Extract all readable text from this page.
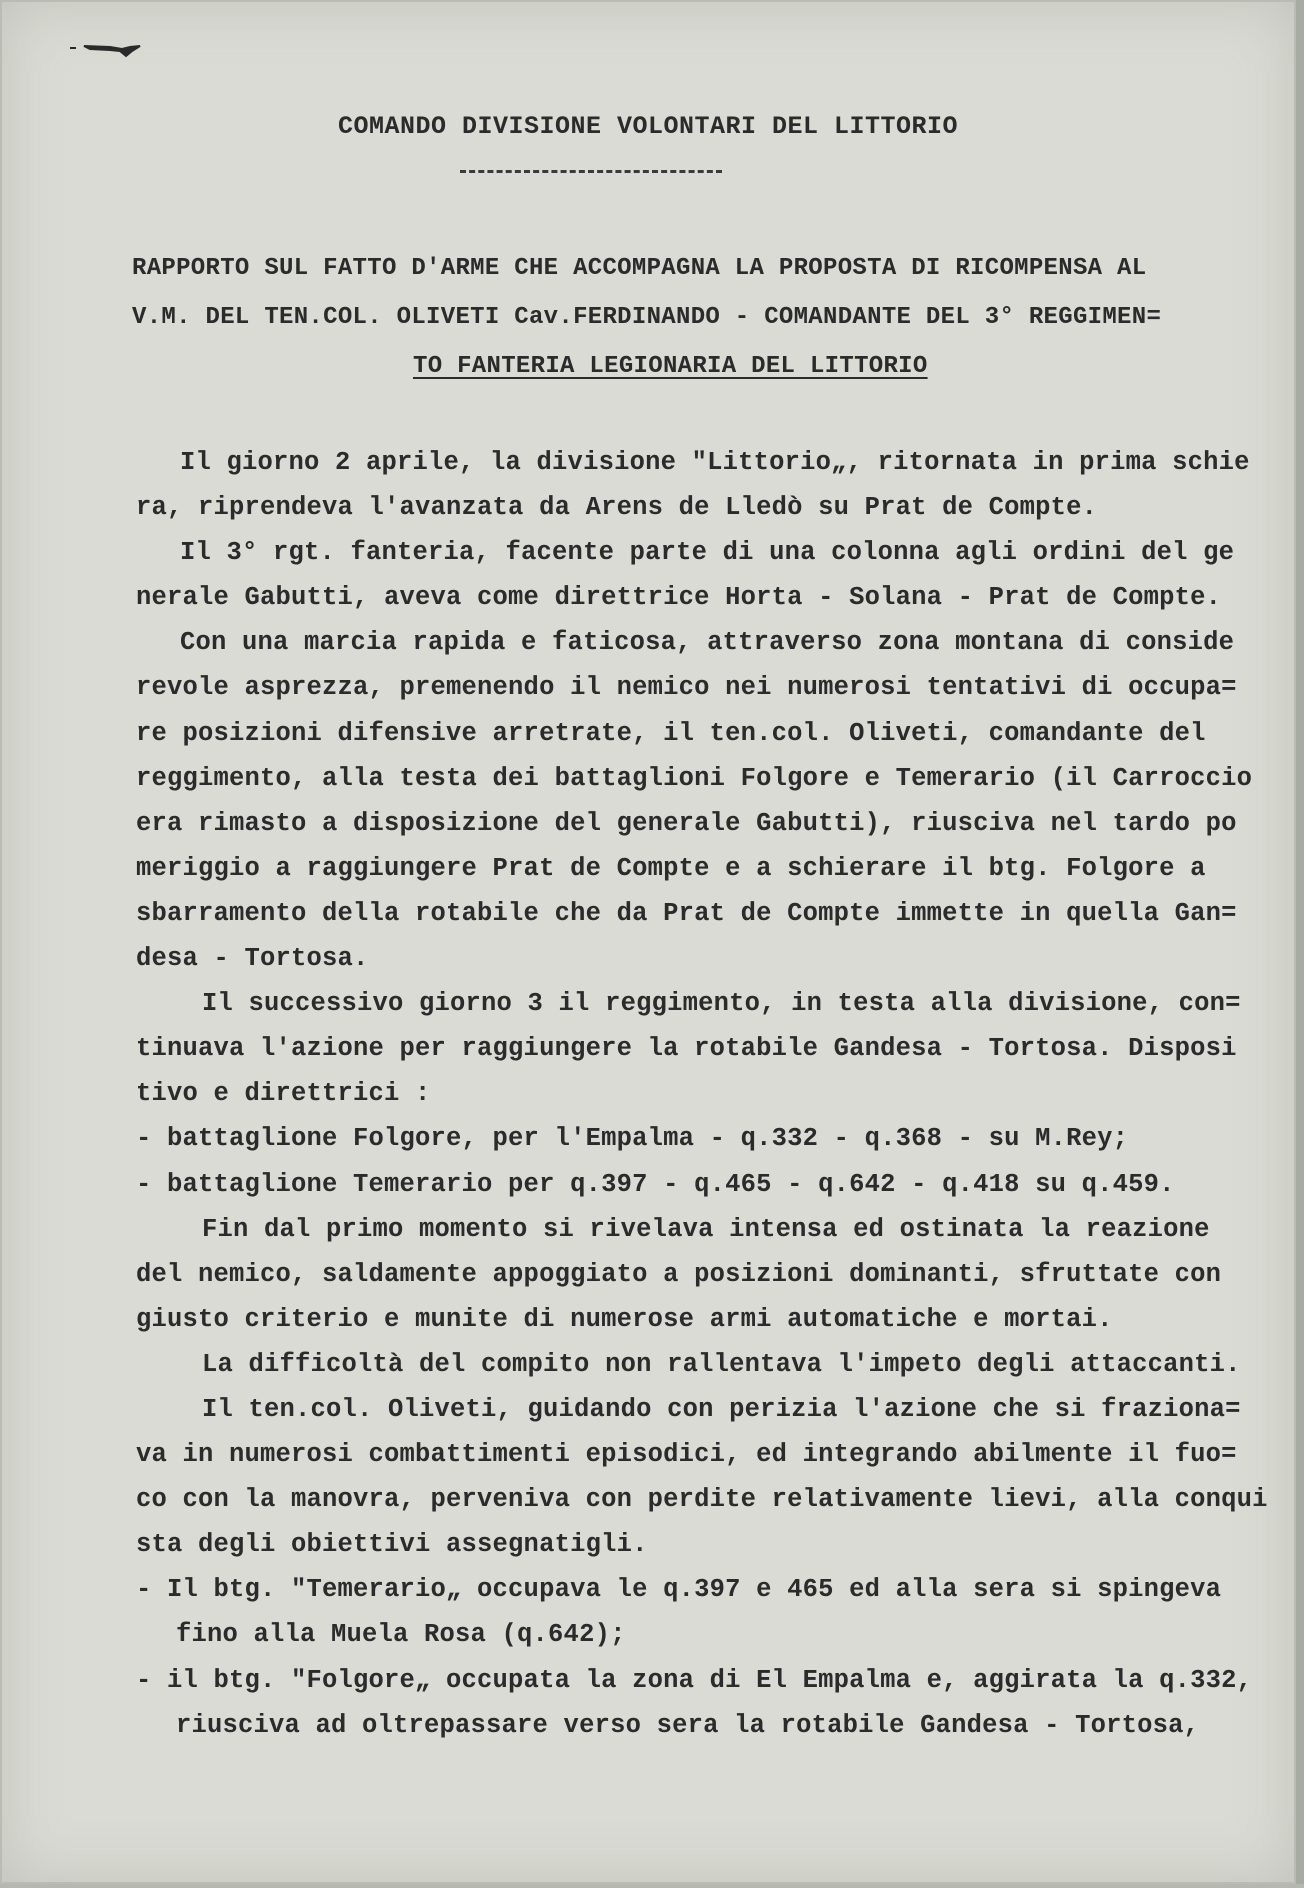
COMANDO DIVISIONE VOLONTARI DEL LITTORIO
RAPPORTO SUL FATTO D'ARME CHE ACCOMPAGNA LA PROPOSTA DI RICOMPENSA AL
V.M. DEL TEN.COL. OLIVETI Cav.FERDINANDO - COMANDANTE DEL 3° REGGIMEN=
TO FANTERIA LEGIONARIA DEL LITTORIO
Il giorno 2 aprile, la divisione "Littorio„, ritornata in prima schie
ra, riprendeva l'avanzata da Arens de Lledò su Prat de Compte.
Il 3° rgt. fanteria, facente parte di una colonna agli ordini del ge
nerale Gabutti, aveva come direttrice Horta - Solana - Prat de Compte.
Con una marcia rapida e faticosa, attraverso zona montana di conside
revole asprezza, premenendo il nemico nei numerosi tentativi di occupa=
re posizioni difensive arretrate, il ten.col. Oliveti, comandante del
reggimento, alla testa dei battaglioni Folgore e Temerario (il Carroccio
era rimasto a disposizione del generale Gabutti), riusciva nel tardo po
meriggio a raggiungere Prat de Compte e a schierare il btg. Folgore a
sbarramento della rotabile che da Prat de Compte immette in quella Gan=
desa - Tortosa.
Il successivo giorno 3 il reggimento, in testa alla divisione, con=
tinuava l'azione per raggiungere la rotabile Gandesa - Tortosa. Disposi
tivo e direttrici :
- battaglione Folgore, per l'Empalma - q.332 - q.368 - su M.Rey;
- battaglione Temerario per q.397 - q.465 - q.642 - q.418 su q.459.
Fin dal primo momento si rivelava intensa ed ostinata la reazione
del nemico, saldamente appoggiato a posizioni dominanti, sfruttate con
giusto criterio e munite di numerose armi automatiche e mortai.
La difficoltà del compito non rallentava l'impeto degli attaccanti.
Il ten.col. Oliveti, guidando con perizia l'azione che si fraziona=
va in numerosi combattimenti episodici, ed integrando abilmente il fuo=
co con la manovra, perveniva con perdite relativamente lievi, alla conqui
sta degli obiettivi assegnatigli.
- Il btg. "Temerario„ occupava le q.397 e 465 ed alla sera si spingeva
fino alla Muela Rosa (q.642);
- il btg. "Folgore„ occupata la zona di El Empalma e, aggirata la q.332,
riusciva ad oltrepassare verso sera la rotabile Gandesa - Tortosa,
